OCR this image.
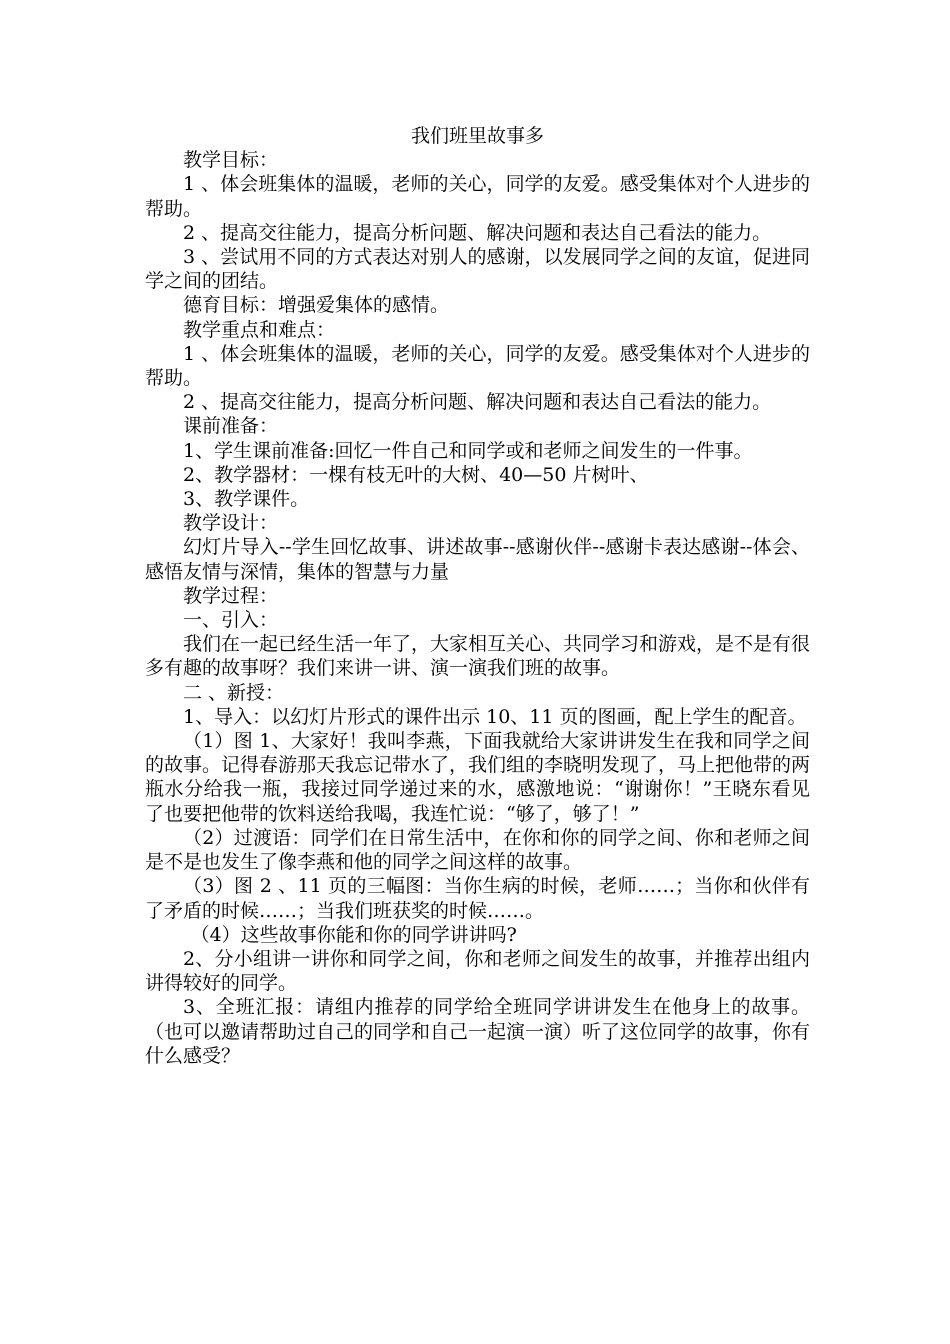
我们班里故事多

教学目标：

1 、体会班集体的温暖，老师的关心，同学的友爱。感受集体对个人进步的帮助。

2 、提高交往能力，提高分析问题、解决问题和表达自己看法的能力。

3 、尝试用不同的方式表达对别人的感谢，以发展同学之间的友谊，促进同学之间的团结。

德育目标：增强爱集体的感情。

教学重点和难点：

1 、体会班集体的温暖，老师的关心，同学的友爱。感受集体对个人进步的帮助。

2 、提高交往能力，提高分析问题、解决问题和表达自己看法的能力。

课前准备：

1、学生课前准备:回忆一件自己和同学或和老师之间发生的一件事。

2、教学器材：一棵有枝无叶的大树、40—50 片树叶、

3、教学课件。

教学设计：

幻灯片导入--学生回忆故事、讲述故事--感谢伙伴--感谢卡表达感谢--体会、感悟友情与深情，集体的智慧与力量

教学过程：

一、引入：

我们在一起已经生活一年了，大家相互关心、共同学习和游戏，是不是有很多有趣的故事呀？我们来讲一讲、演一演我们班的故事。

二 、新授：

1、导入：以幻灯片形式的课件出示 10、11 页的图画，配上学生的配音。

（1）图 1、大家好！我叫李燕，下面我就给大家讲讲发生在我和同学之间的故事。记得春游那天我忘记带水了，我们组的李晓明发现了，马上把他带的两瓶水分给我一瓶，我接过同学递过来的水，感激地说：“谢谢你！”王晓东看见了也要把他带的饮料送给我喝，我连忙说：“够了，够了！”

（2）过渡语：同学们在日常生活中，在你和你的同学之间、你和老师之间是不是也发生了像李燕和他的同学之间这样的故事。

（3）图 2 、11 页的三幅图：当你生病的时候，老师……；当你和伙伴有了矛盾的时候……；当我们班获奖的时候……。

（4）这些故事你能和你的同学讲讲吗?

2、分小组讲一讲你和同学之间，你和老师之间发生的故事，并推荐出组内讲得较好的同学。

3、全班汇报：请组内推荐的同学给全班同学讲讲发生在他身上的故事。（也可以邀请帮助过自己的同学和自己一起演一演）听了这位同学的故事，你有什么感受？
